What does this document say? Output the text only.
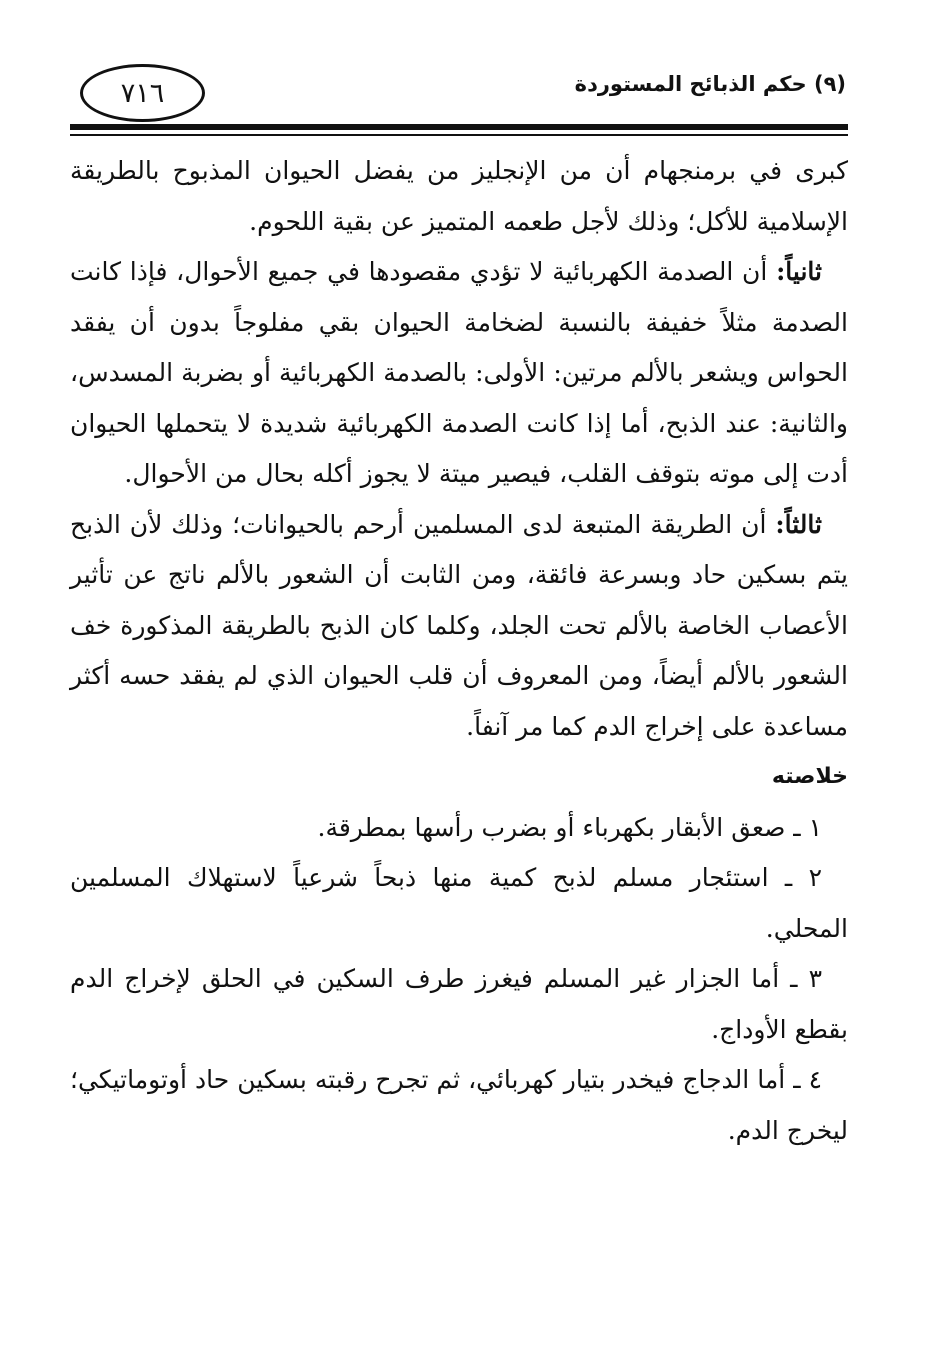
٧١٦	(٩) حكم الذبائح المستوردة

كبرى في برمنجهام أن من الإنجليز من يفضل الحيوان المذبوح بالطريقة الإسلامية للأكل؛ وذلك لأجل طعمه المتميز عن بقية اللحوم.

ثانياً: أن الصدمة الكهربائية لا تؤدي مقصودها في جميع الأحوال، فإذا كانت الصدمة مثلاً خفيفة بالنسبة لضخامة الحيوان بقي مفلوجاً بدون أن يفقد الحواس ويشعر بالألم مرتين: الأولى: بالصدمة الكهربائية أو بضربة المسدس، والثانية: عند الذبح، أما إذا كانت الصدمة الكهربائية شديدة لا يتحملها الحيوان أدت إلى موته بتوقف القلب، فيصير ميتة لا يجوز أكله بحال من الأحوال.

ثالثاً: أن الطريقة المتبعة لدى المسلمين أرحم بالحيوانات؛ وذلك لأن الذبح يتم بسكين حاد وبسرعة فائقة، ومن الثابت أن الشعور بالألم ناتج عن تأثير الأعصاب الخاصة بالألم تحت الجلد، وكلما كان الذبح بالطريقة المذكورة خف الشعور بالألم أيضاً، ومن المعروف أن قلب الحيوان الذي لم يفقد حسه أكثر مساعدة على إخراج الدم كما مر آنفاً.

خلاصته

١ ـ صعق الأبقار بكهرباء أو بضرب رأسها بمطرقة.

٢ ـ استئجار مسلم لذبح كمية منها ذبحاً شرعياً لاستهلاك المسلمين المحلي.

٣ ـ أما الجزار غير المسلم فيغرز طرف السكين في الحلق لإخراج الدم بقطع الأوداج.

٤ ـ أما الدجاج فيخدر بتيار كهربائي، ثم تجرح رقبته بسكين حاد أوتوماتيكي؛ ليخرج الدم.
